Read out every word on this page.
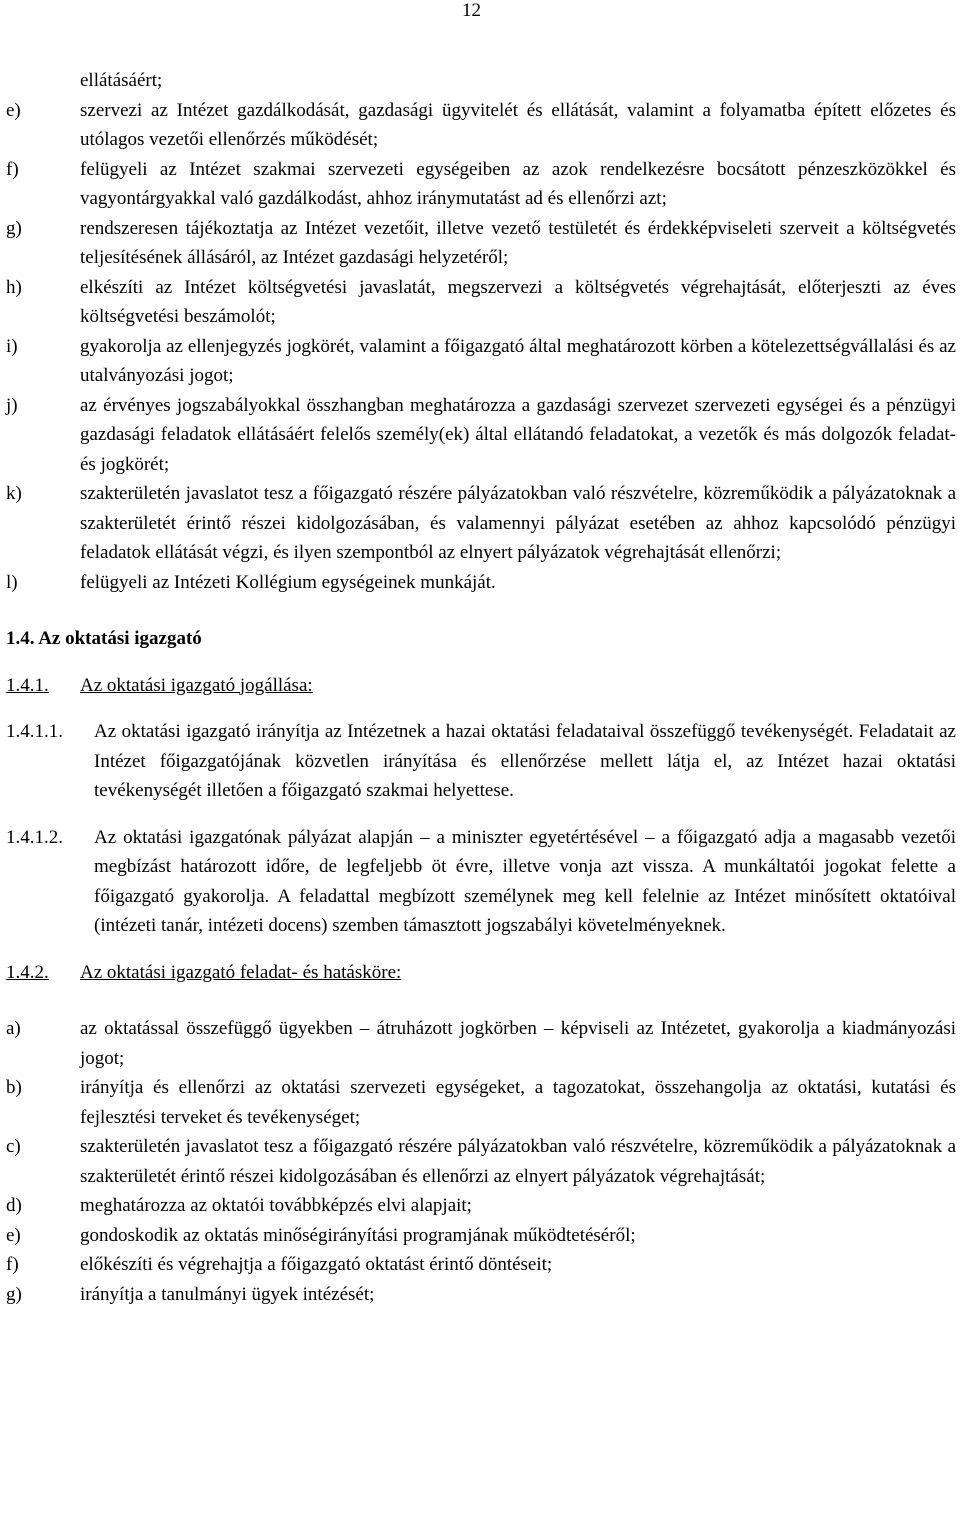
12
ellátásáért;
e)	szervezi az Intézet gazdálkodását, gazdasági ügyvitelét és ellátását, valamint a folyamatba épített előzetes és utólagos vezetői ellenőrzés működését;
f)	felügyeli az Intézet szakmai szervezeti egységeiben az azok rendelkezésre bocsátott pénzeszközökkel és vagyontárgyakkal való gazdálkodást, ahhoz iránymutatást ad és ellenőrzi azt;
g)	rendszeresen tájékoztatja az Intézet vezetőit, illetve vezető testületét és érdekképviseleti szerveit a költségvetés teljesítésének állásáról, az Intézet gazdasági helyzetéről;
h)	elkészíti az Intézet költségvetési javaslatát, megszervezi a költségvetés végrehajtását, előterjeszti az éves költségvetési beszámolót;
i)	gyakorolja az ellenjegyzés jogkörét, valamint a főigazgató által meghatározott körben a kötelezettségvállalási és az utalványozási jogot;
j)	az érvényes jogszabályokkal összhangban meghatározza a gazdasági szervezet szervezeti egységei és a pénzügyi gazdasági feladatok ellátásáért felelős személy(ek) által ellátandó feladatokat, a vezetők és más dolgozók feladat- és jogkörét;
k)	szakterületén javaslatot tesz a főigazgató részére pályázatokban való részvételre, közreműködik a pályázatoknak a szakterületét érintő részei kidolgozásában, és valamennyi pályázat esetében az ahhoz kapcsolódó pénzügyi feladatok ellátását végzi, és ilyen szempontból az elnyert pályázatok végrehajtását ellenőrzi;
l)	felügyeli az Intézeti Kollégium egységeinek munkáját.
1.4. Az oktatási igazgató
1.4.1. Az oktatási igazgató jogállása:
1.4.1.1.	Az oktatási igazgató irányítja az Intézetnek a hazai oktatási feladataival összefüggő tevékenységét. Feladatait az Intézet főigazgatójának közvetlen irányítása és ellenőrzése mellett látja el, az Intézet hazai oktatási tevékenységét illetően a főigazgató szakmai helyettese.
1.4.1.2.	Az oktatási igazgatónak pályázat alapján – a miniszter egyetértésével – a főigazgató adja a magasabb vezetői megbízást határozott időre, de legfeljebb öt évre, illetve vonja azt vissza. A munkáltatói jogokat felette a főigazgató gyakorolja. A feladattal megbízott személynek meg kell felelnie az Intézet minősített oktatóival (intézeti tanár, intézeti docens) szemben támasztott jogszabályi követelményeknek.
1.4.2. Az oktatási igazgató feladat- és hatásköre:
a)	az oktatással összefüggő ügyekben – átruházott jogkörben – képviseli az Intézetet, gyakorolja a kiadmányozási jogot;
b)	irányítja és ellenőrzi az oktatási szervezeti egységeket, a tagozatokat, összehangolja az oktatási, kutatási és fejlesztési terveket és tevékenységet;
c)	szakterületén javaslatot tesz a főigazgató részére pályázatokban való részvételre, közreműködik a pályázatoknak a szakterületét érintő részei kidolgozásában és ellenőrzi az elnyert pályázatok végrehajtását;
d)	meghatározza az oktatói továbbképzés elvi alapjait;
e)	gondoskodik az oktatás minőségirányítási programjának működtetéséről;
f)	előkészíti és végrehajtja a főigazgató oktatást érintő döntéseit;
g)	irányítja a tanulmányi ügyek intézését;
